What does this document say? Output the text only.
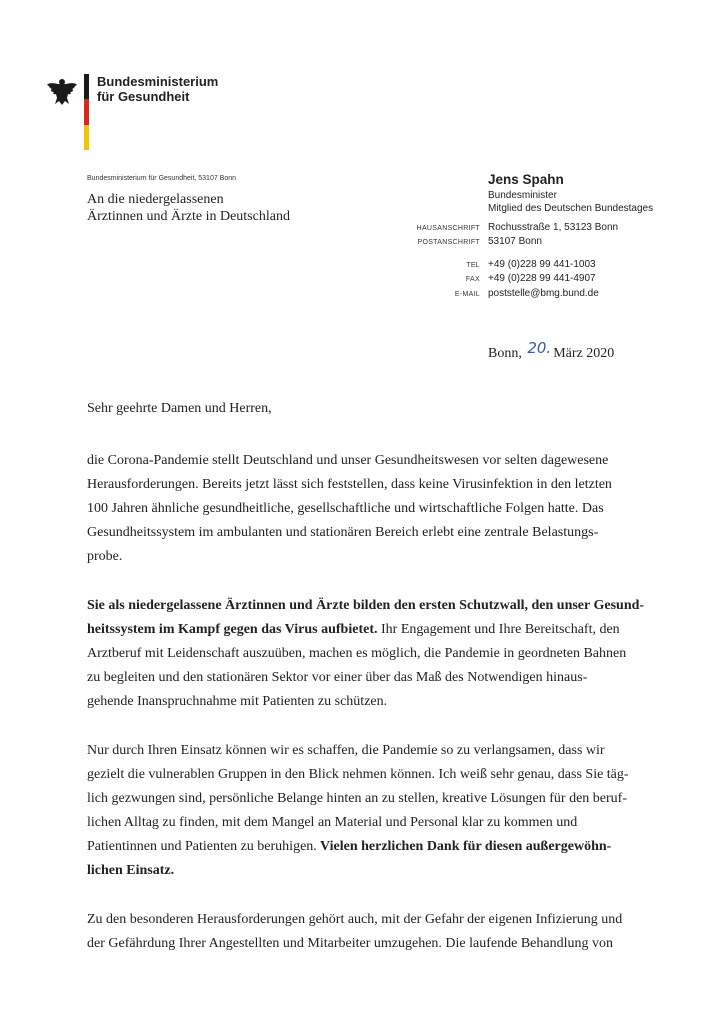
Bundesministerium
für Gesundheit
Bundesministerium für Gesundheit, 53107 Bonn
An die niedergelassenen
Ärztinnen und Ärzte in Deutschland
Jens Spahn
Bundesminister
Mitglied des Deutschen Bundestages
HAUSANSCHRIFT Rochusstraße 1, 53123 Bonn
POSTANSCHRIFT 53107 Bonn
TEL +49 (0)228 99 441-1003
FAX +49 (0)228 99 441-4907
E-MAIL poststelle@bmg.bund.de
Bonn, 20. März 2020
Sehr geehrte Damen und Herren,
die Corona-Pandemie stellt Deutschland und unser Gesundheitswesen vor selten dagewesene
Herausforderungen. Bereits jetzt lässt sich feststellen, dass keine Virusinfektion in den letzten
100 Jahren ähnliche gesundheitliche, gesellschaftliche und wirtschaftliche Folgen hatte. Das
Gesundheitssystem im ambulanten und stationären Bereich erlebt eine zentrale Belastungs-
probe.
Sie als niedergelassene Ärztinnen und Ärzte bilden den ersten Schutzwall, den unser Gesund-
heitssystem im Kampf gegen das Virus aufbietet. Ihr Engagement und Ihre Bereitschaft, den
Arztberuf mit Leidenschaft auszuüben, machen es möglich, die Pandemie in geordneten Bahnen
zu begleiten und den stationären Sektor vor einer über das Maß des Notwendigen hinaus-
gehende Inanspruchnahme mit Patienten zu schützen.
Nur durch Ihren Einsatz können wir es schaffen, die Pandemie so zu verlangsamen, dass wir
gezielt die vulnerablen Gruppen in den Blick nehmen können. Ich weiß sehr genau, dass Sie täg-
lich gezwungen sind, persönliche Belange hinten an zu stellen, kreative Lösungen für den beruf-
lichen Alltag zu finden, mit dem Mangel an Material und Personal klar zu kommen und
Patientinnen und Patienten zu beruhigen. Vielen herzlichen Dank für diesen außergewöhn-
lichen Einsatz.
Zu den besonderen Herausforderungen gehört auch, mit der Gefahr der eigenen Infizierung und
der Gefährdung Ihrer Angestellten und Mitarbeiter umzugehen. Die laufende Behandlung von
